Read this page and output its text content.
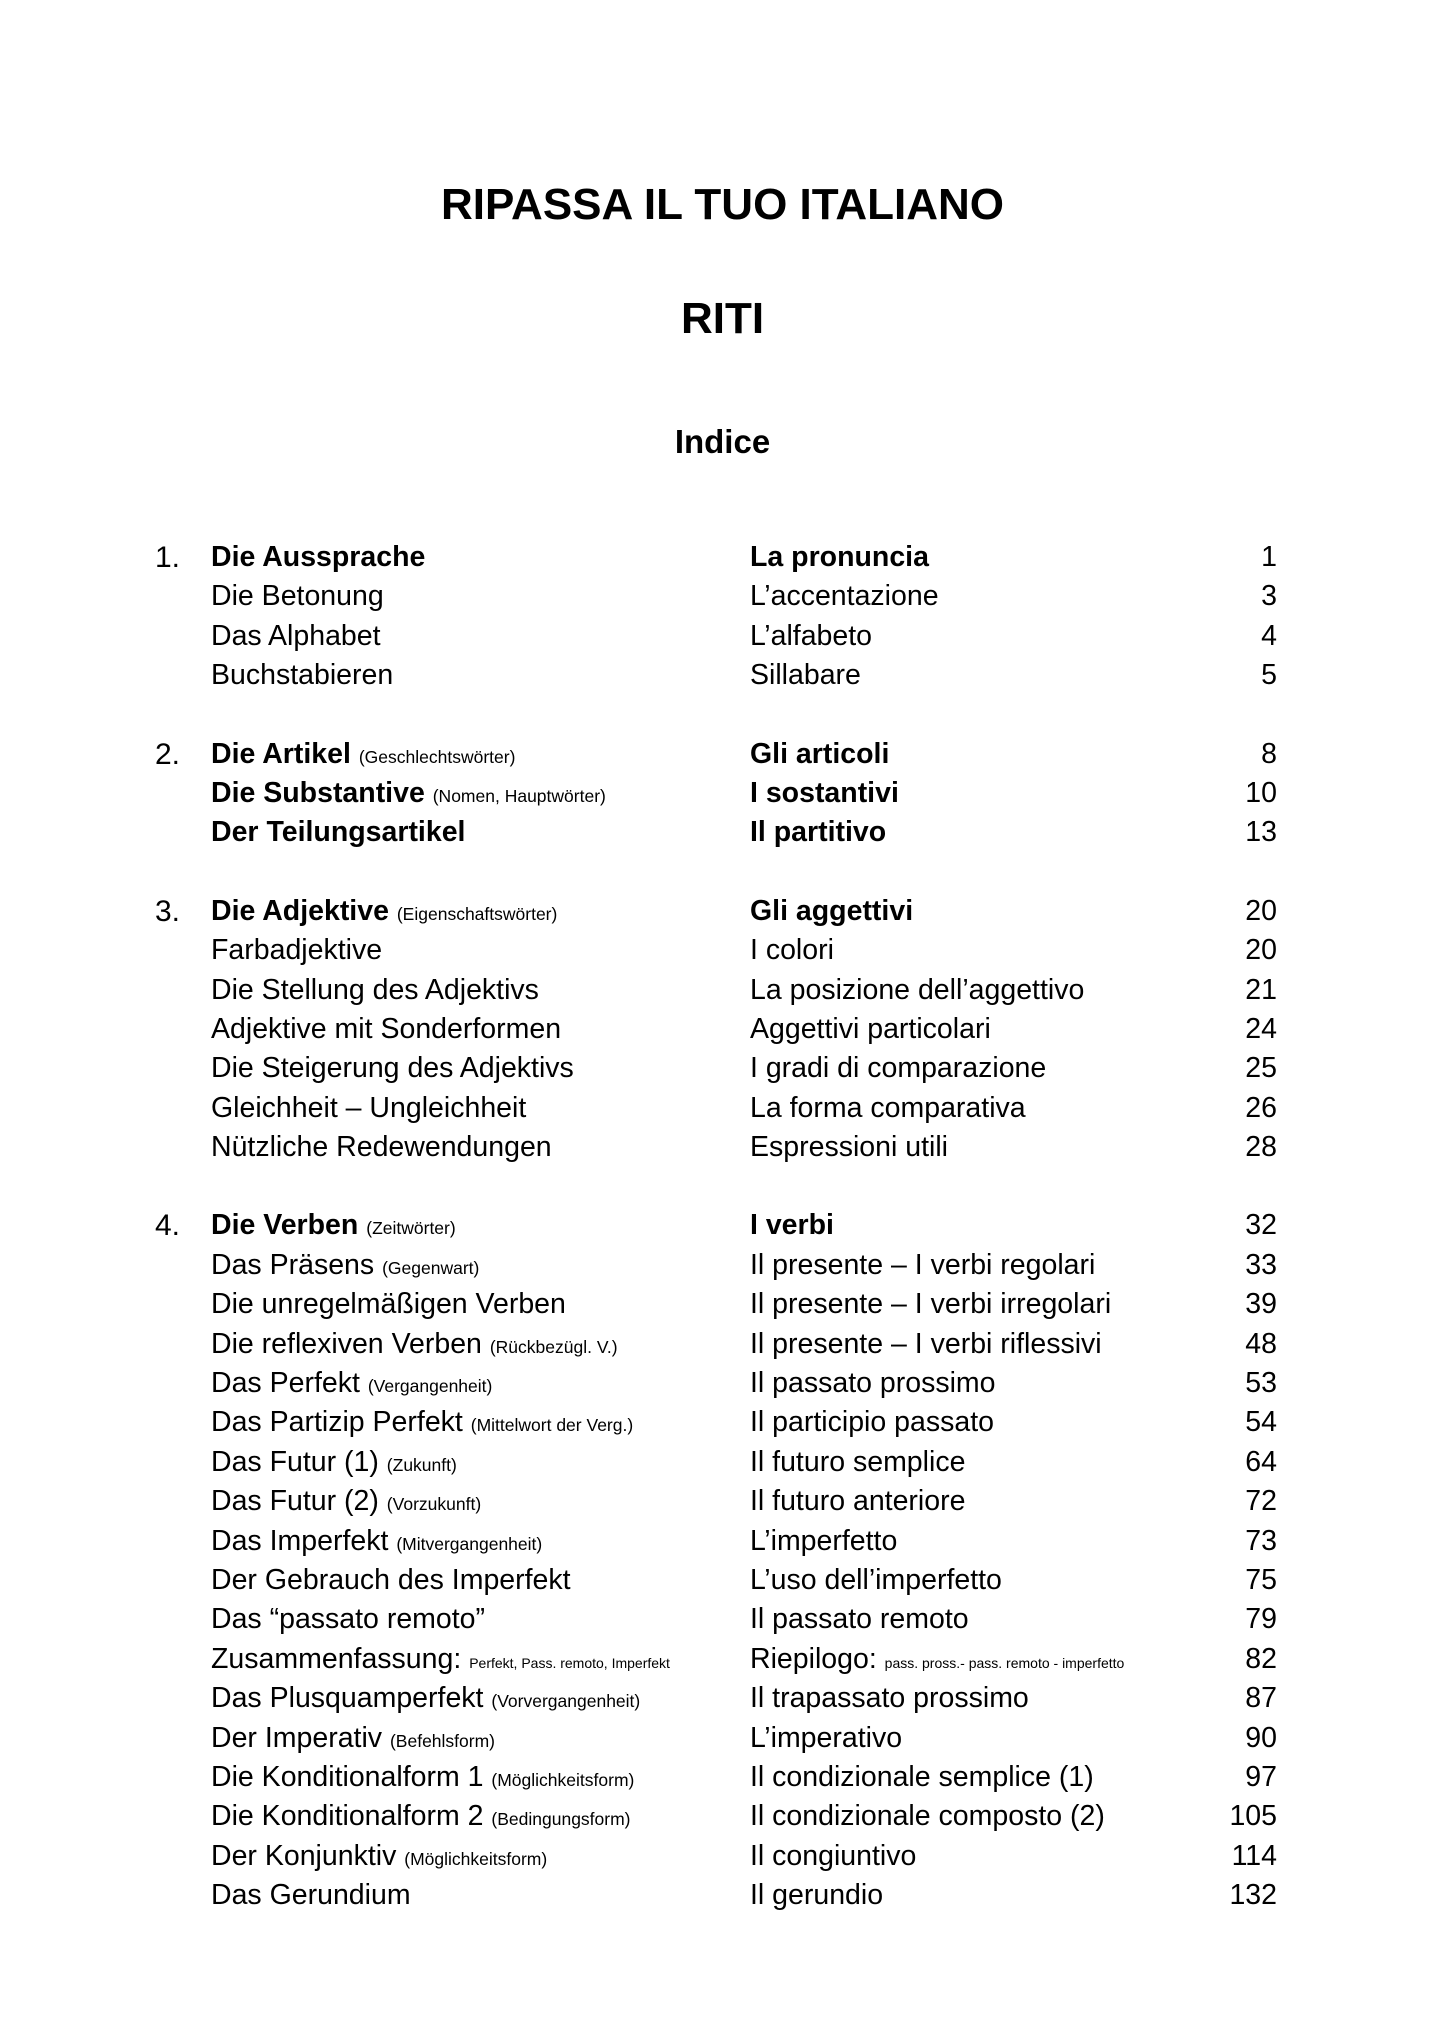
RIPASSA IL TUO ITALIANO
RITI
Indice
1. Die Aussprache	La pronuncia	1
Die Betonung	L’accentazione	3
Das Alphabet	L’alfabeto	4
Buchstabieren	Sillabare	5
2. Die Artikel (Geschlechtswörter)	Gli articoli	8
Die Substantive (Nomen, Hauptwörter)	I sostantivi	10
Der Teilungsartikel	Il partitivo	13
3. Die Adjektive (Eigenschaftswörter)	Gli aggettivi	20
Farbadjektive	I colori	20
Die Stellung des Adjektivs	La posizione dell’aggettivo	21
Adjektive mit Sonderformen	Aggettivi particolari	24
Die Steigerung des Adjektivs	I gradi di comparazione	25
Gleichheit – Ungleichheit	La forma comparativa	26
Nützliche Redewendungen	Espressioni utili	28
4. Die Verben (Zeitwörter)	I verbi	32
Das Präsens (Gegenwart)	Il presente – I verbi regolari	33
Die unregelmäßigen Verben	Il presente – I verbi irregolari	39
Die reflexiven Verben (Rückbezügl. V.)	Il presente – I verbi riflessivi	48
Das Perfekt (Vergangenheit)	Il passato prossimo	53
Das Partizip Perfekt (Mittelwort der Verg.)	Il participio passato	54
Das Futur (1) (Zukunft)	Il futuro semplice	64
Das Futur (2) (Vorzukunft)	Il futuro anteriore	72
Das Imperfekt (Mitvergangenheit)	L’imperfetto	73
Der Gebrauch des Imperfekt	L’uso dell’imperfetto	75
Das “passato remoto”	Il passato remoto	79
Zusammenfassung: Perfekt, Pass. remoto, Imperfekt	Riepilogo: pass. pross.- pass. remoto - imperfetto	82
Das Plusquamperfekt (Vorvergangenheit)	Il trapassato prossimo	87
Der Imperativ (Befehlsform)	L’imperativo	90
Die Konditionalform 1 (Möglichkeitsform)	Il condizionale semplice (1)	97
Die Konditionalform 2 (Bedingungsform)	Il condizionale composto (2)	105
Der Konjunktiv (Möglichkeitsform)	Il congiuntivo	114
Das Gerundium	Il gerundio	132
